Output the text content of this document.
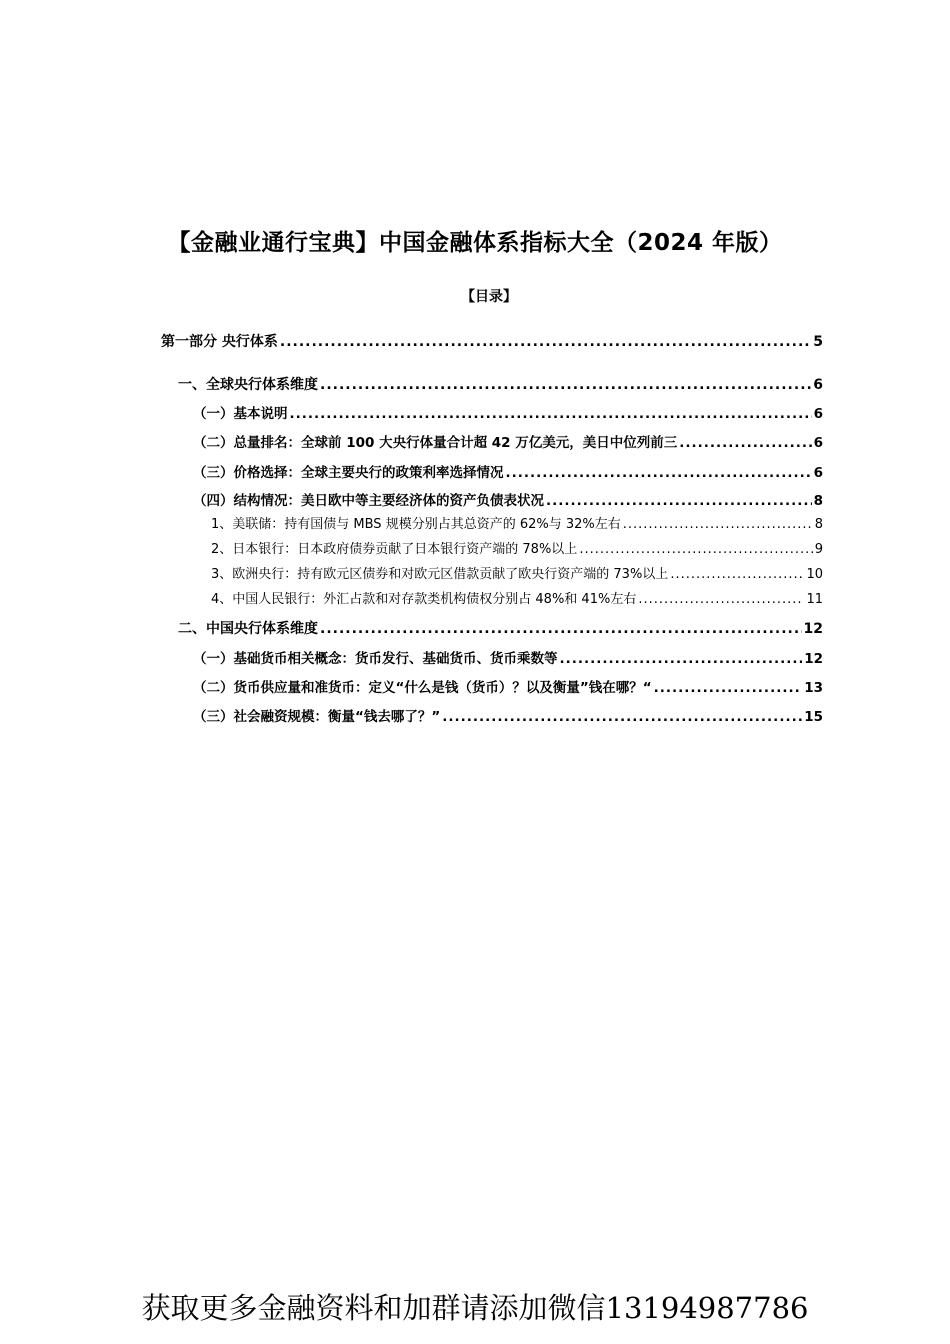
【金融业通行宝典】中国金融体系指标大全（2024 年版）
【目录】
第一部分 央行体系 .....	5
一、全球央行体系维度 .....	6
（一）基本说明 .....	6
（二）总量排名：全球前 100 大央行体量合计超 42 万亿美元，美日中位列前三 .....	6
（三）价格选择：全球主要央行的政策利率选择情况 .....	6
（四）结构情况：美日欧中等主要经济体的资产负债表状况 .....	8
1、美联储：持有国债与 MBS 规模分别占其总资产的 62%与 32%左右 .....	8
2、日本银行：日本政府债券贡献了日本银行资产端的 78%以上 .....	9
3、欧洲央行：持有欧元区债券和对欧元区借款贡献了欧央行资产端的 73%以上 .....	10
4、中国人民银行：外汇占款和对存款类机构债权分别占 48%和 41%左右 .....	11
二、中国央行体系维度 .....	12
（一）基础货币相关概念：货币发行、基础货币、货币乘数等 .....	12
（二）货币供应量和准货币：定义“什么是钱（货币）？以及衡量”钱在哪？“ .....	13
（三）社会融资规模：衡量“钱去哪了？” .....	15
获取更多金融资料和加群请添加微信13194987786
